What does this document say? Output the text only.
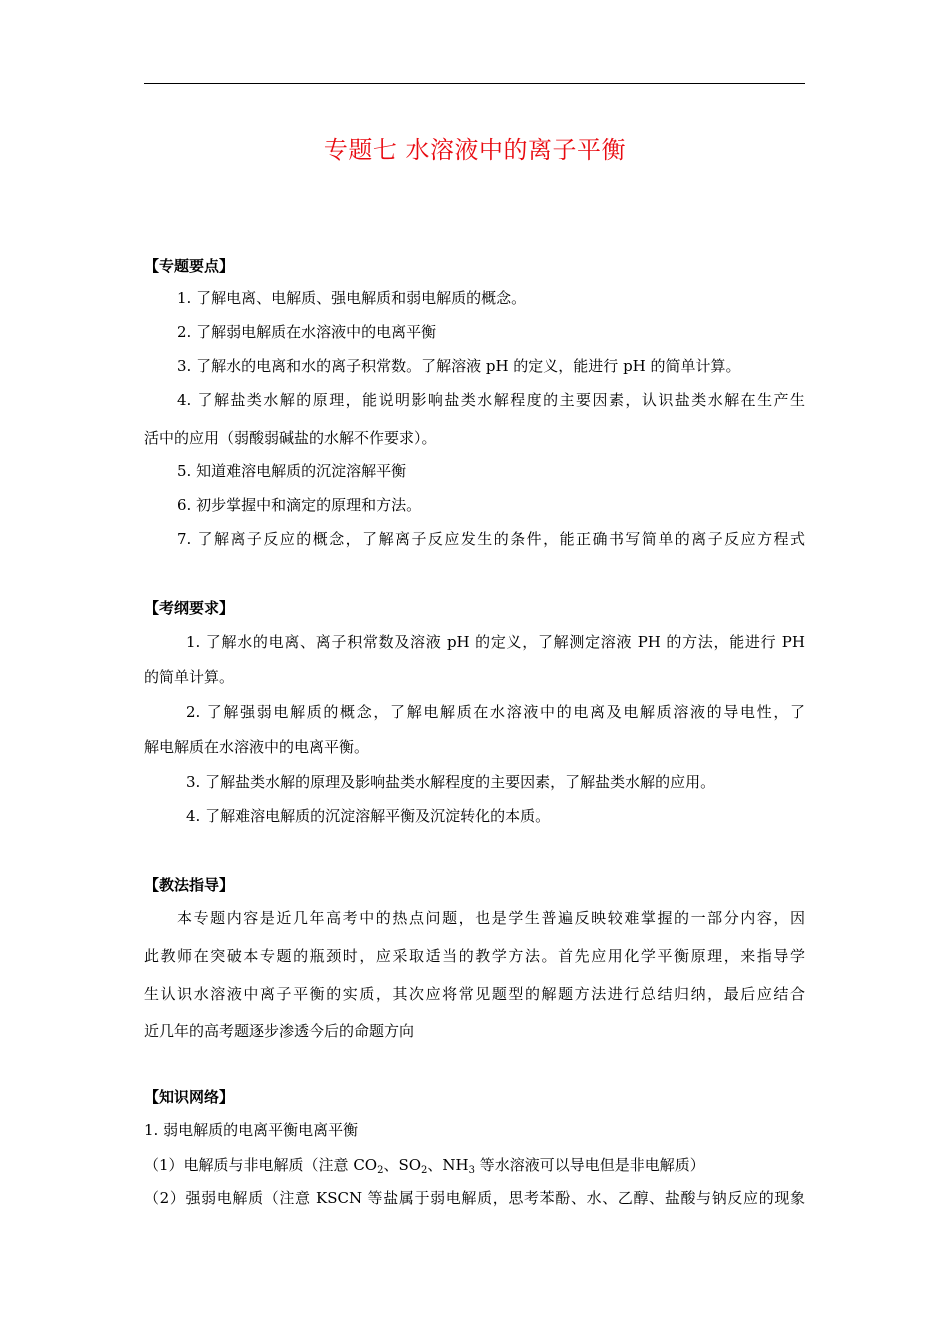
专题七 水溶液中的离子平衡
【专题要点】
1. 了解电离、电解质、强电解质和弱电解质的概念。
2. 了解弱电解质在水溶液中的电离平衡
3. 了解水的电离和水的离子积常数。了解溶液 pH 的定义，能进行 pH 的简单计算。
4. 了解盐类水解的原理，能说明影响盐类水解程度的主要因素，认识盐类水解在生产生
活中的应用（弱酸弱碱盐的水解不作要求）。
5. 知道难溶电解质的沉淀溶解平衡
6. 初步掌握中和滴定的原理和方法。
7. 了解离子反应的概念，了解离子反应发生的条件，能正确书写简单的离子反应方程式
【考纲要求】
1. 了解水的电离、离子积常数及溶液 pH 的定义，了解测定溶液 PH 的方法，能进行 PH
的简单计算。
2. 了解强弱电解质的概念，了解电解质在水溶液中的电离及电解质溶液的导电性，了
解电解质在水溶液中的电离平衡。
3. 了解盐类水解的原理及影响盐类水解程度的主要因素，了解盐类水解的应用。
4. 了解难溶电解质的沉淀溶解平衡及沉淀转化的本质。
【教法指导】
本专题内容是近几年高考中的热点问题，也是学生普遍反映较难掌握的一部分内容，因
此教师在突破本专题的瓶颈时，应采取适当的教学方法。首先应用化学平衡原理，来指导学
生认识水溶液中离子平衡的实质，其次应将常见题型的解题方法进行总结归纳，最后应结合
近几年的高考题逐步渗透今后的命题方向
【知识网络】
1. 弱电解质的电离平衡电离平衡
（1）电解质与非电解质（注意 $CO_2$、$SO_2$、$NH_3$ 等水溶液可以导电但是非电解质）
（2）强弱电解质（注意 KSCN 等盐属于弱电解质，思考苯酚、水、乙醇、盐酸与钠反应的现象
